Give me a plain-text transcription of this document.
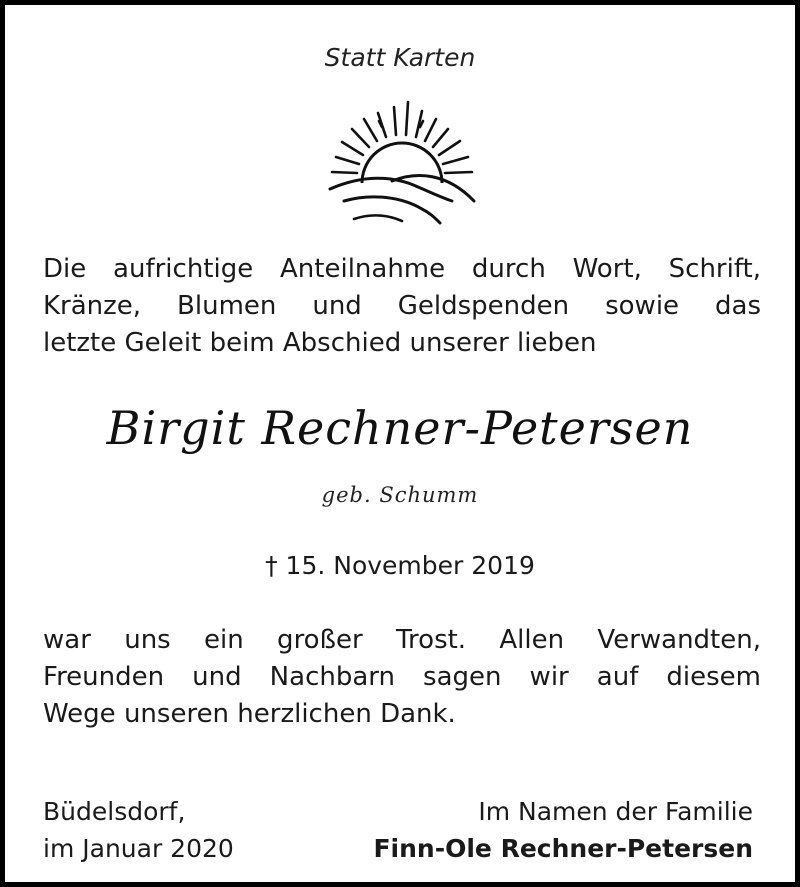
Statt Karten
Die aufrichtige Anteilnahme durch Wort, Schrift,
Kränze, Blumen und Geldspenden sowie das
letzte Geleit beim Abschied unserer lieben
Birgit Rechner-Petersen
geb. Schumm
† 15. November 2019
war uns ein großer Trost. Allen Verwandten,
Freunden und Nachbarn sagen wir auf diesem
Wege unseren herzlichen Dank.
Büdelsdorf,
im Januar 2020
Im Namen der Familie
Finn-Ole Rechner-Petersen
